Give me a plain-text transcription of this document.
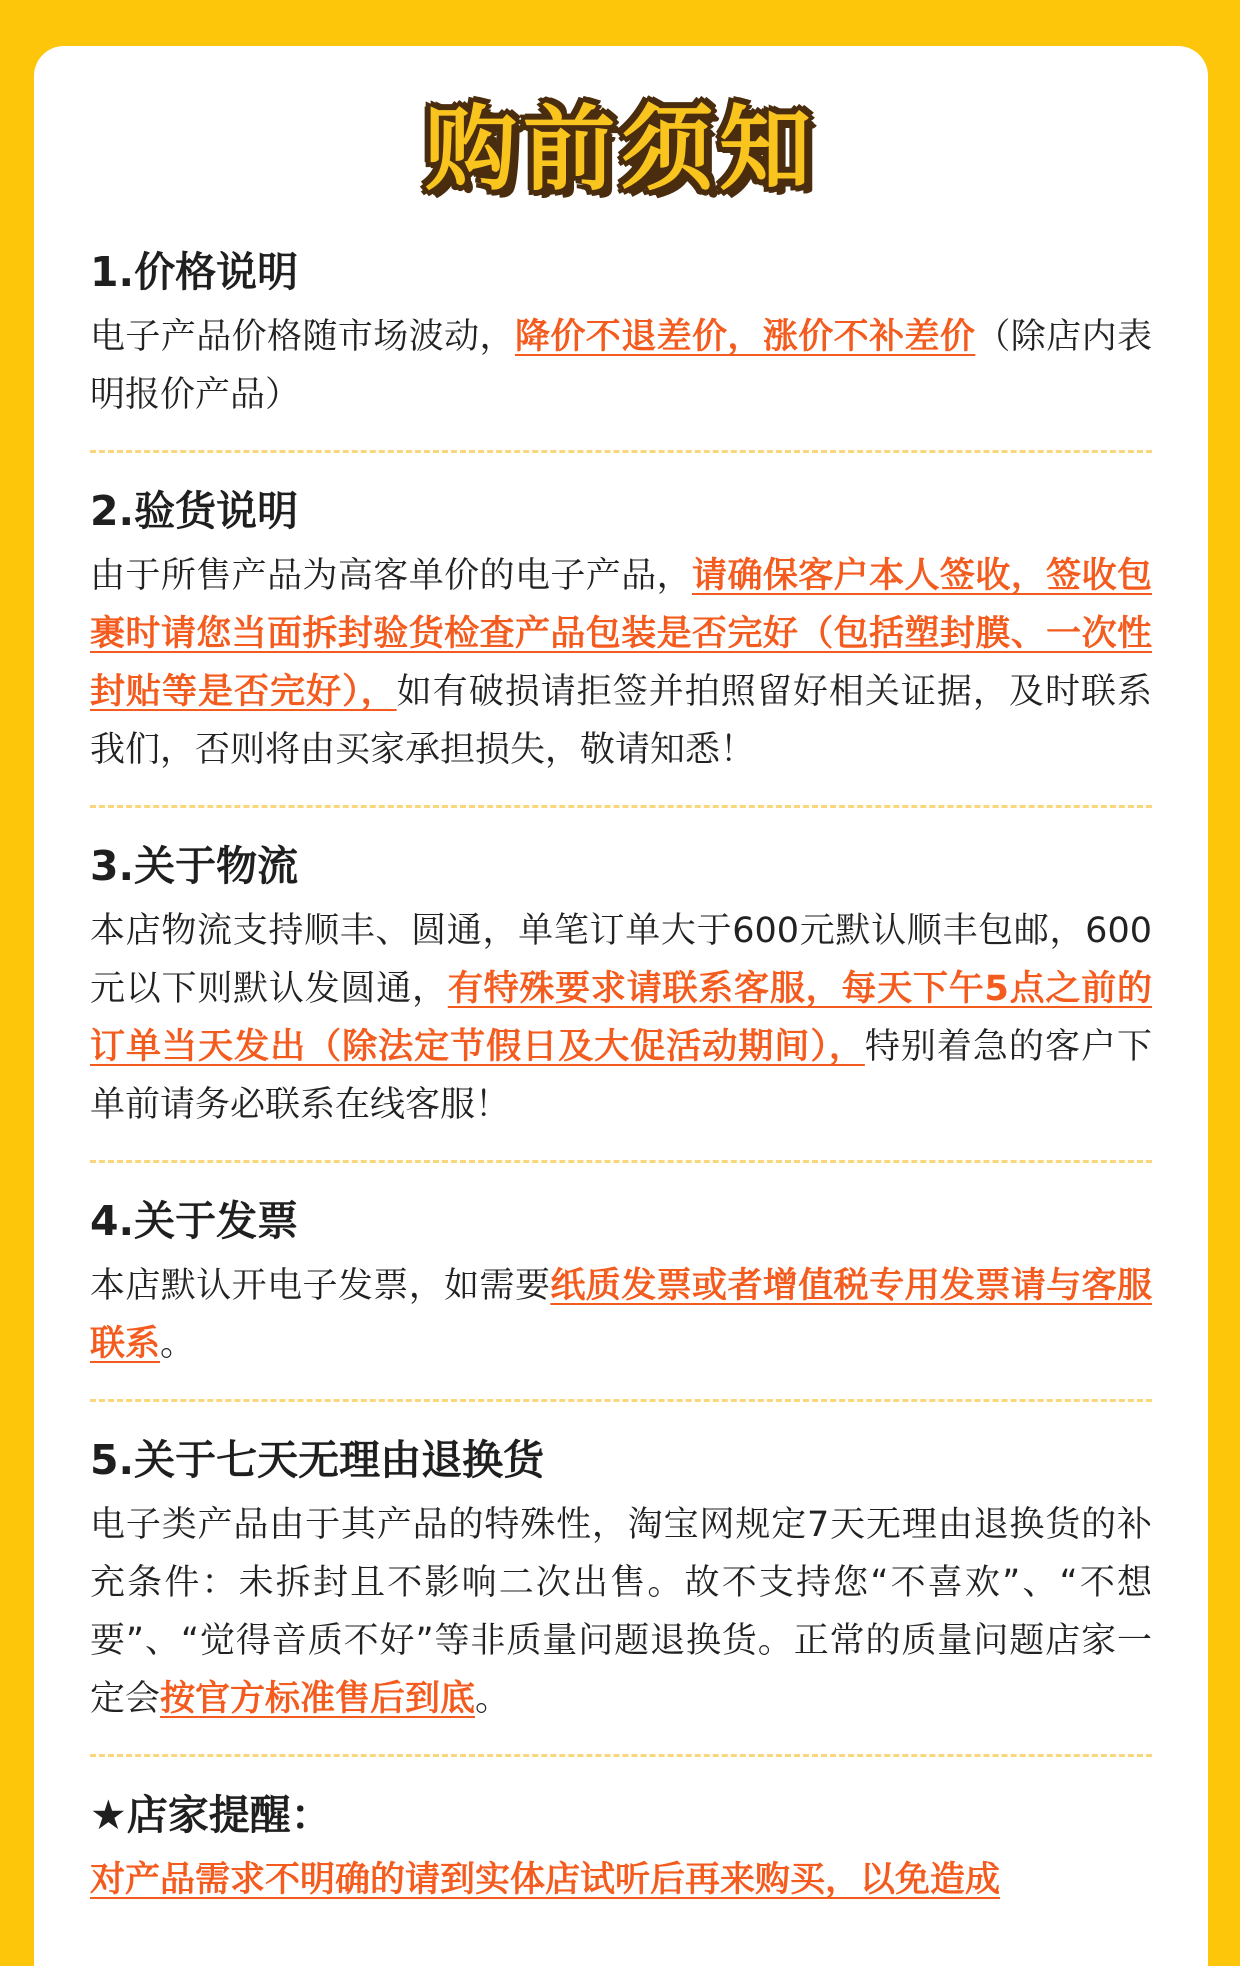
购前须知
1.价格说明

电子产品价格随市场波动，降价不退差价，涨价不补差价（除店内表明报价产品）

2.验货说明

由于所售产品为高客单价的电子产品，请确保客户本人签收，签收包裹时请您当面拆封验货检查产品包装是否完好（包括塑封膜、一次性封贴等是否完好），如有破损请拒签并拍照留好相关证据，及时联系我们，否则将由买家承担损失，敬请知悉！

3.关于物流

本店物流支持顺丰、圆通，单笔订单大于600元默认顺丰包邮，600元以下则默认发圆通，有特殊要求请联系客服，每天下午5点之前的订单当天发出（除法定节假日及大促活动期间），特别着急的客户下单前请务必联系在线客服！

4.关于发票

本店默认开电子发票，如需要纸质发票或者增值税专用发票请与客服联系。

5.关于七天无理由退换货

电子类产品由于其产品的特殊性，淘宝网规定7天无理由退换货的补充条件：未拆封且不影响二次出售。故不支持您“不喜欢”、“不想要”、“觉得音质不好”等非质量问题退换货。正常的质量问题店家一定会按官方标准售后到底。

★店家提醒：

对产品需求不明确的请到实体店试听后再来购买，以免造成
